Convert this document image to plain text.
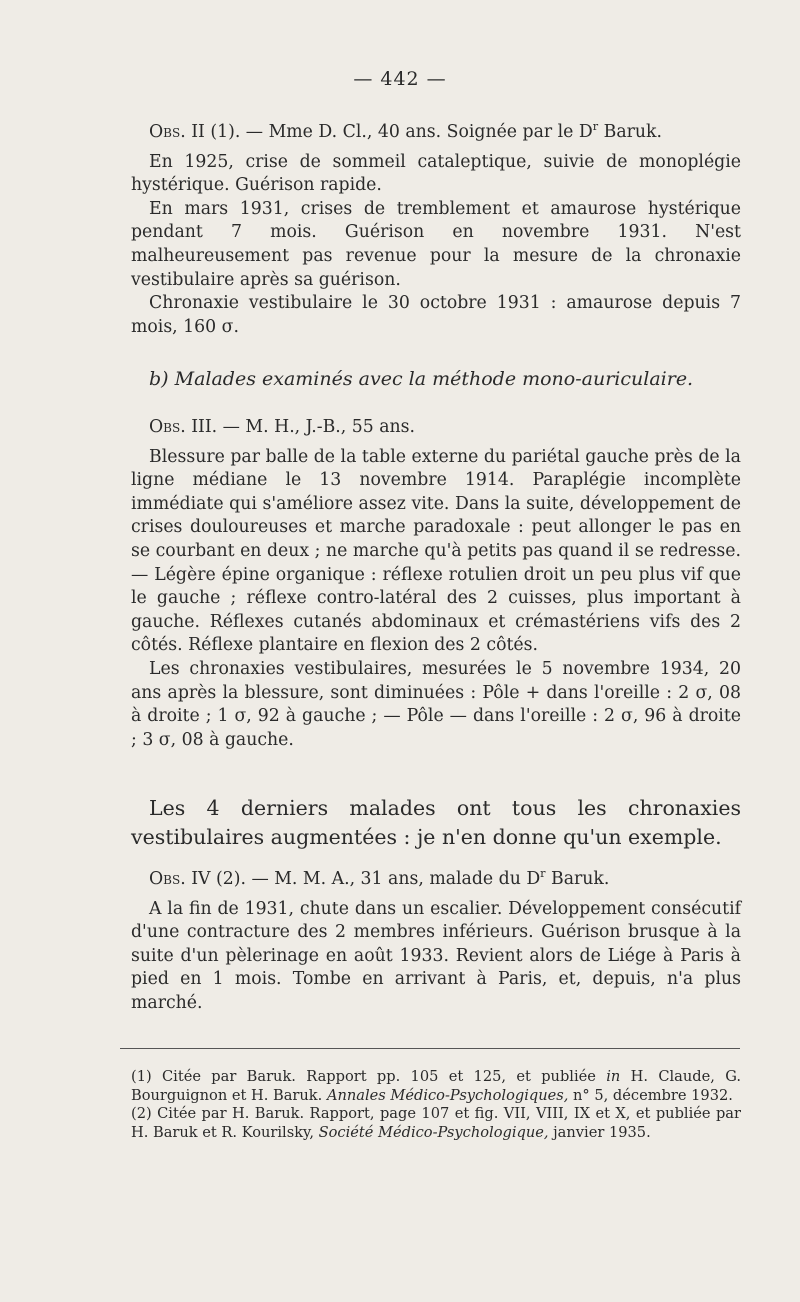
— 442 —

Obs. II (1). — Mme D. Cl., 40 ans. Soignée par le $D^r$ Baruk.

En 1925, crise de sommeil cataleptique, suivie de monoplégie hystérique. Guérison rapide.

En mars 1931, crises de tremblement et amaurose hystérique pendant 7 mois. Guérison en novembre 1931. N'est malheureusement pas revenue pour la mesure de la chronaxie vestibulaire après sa guérison.

Chronaxie vestibulaire le 30 octobre 1931 : amaurose depuis 7 mois, 160 σ.

b) Malades examinés avec la méthode mono-auriculaire.

Obs. III. — M. H., J.-B., 55 ans.

Blessure par balle de la table externe du pariétal gauche près de la ligne médiane le 13 novembre 1914. Paraplégie incomplète immédiate qui s'améliore assez vite. Dans la suite, développement de crises douloureuses et marche paradoxale : peut allonger le pas en se courbant en deux ; ne marche qu'à petits pas quand il se redresse. — Légère épine organique : réflexe rotulien droit un peu plus vif que le gauche ; réflexe contro-latéral des 2 cuisses, plus important à gauche. Réflexes cutanés abdominaux et crémastériens vifs des 2 côtés. Réflexe plantaire en flexion des 2 côtés.

Les chronaxies vestibulaires, mesurées le 5 novembre 1934, 20 ans après la blessure, sont diminuées : Pôle + dans l'oreille : 2 σ, 08 à droite ; 1 σ, 92 à gauche ; — Pôle — dans l'oreille : 2 σ, 96 à droite ; 3 σ, 08 à gauche.

Les 4 derniers malades ont tous les chronaxies vestibulaires augmentées : je n'en donne qu'un exemple.

Obs. IV (2). — M. M. A., 31 ans, malade du $D^r$ Baruk.

A la fin de 1931, chute dans un escalier. Développement consécutif d'une contracture des 2 membres inférieurs. Guérison brusque à la suite d'un pèlerinage en août 1933. Revient alors de Liége à Paris à pied en 1 mois. Tombe en arrivant à Paris, et, depuis, n'a plus marché.

(1) Citée par Baruk. Rapport pp. 105 et 125, et publiée in H. Claude, G. Bourguignon et H. Baruk. Annales Médico-Psychologiques, n° 5, décembre 1932.

(2) Citée par H. Baruk. Rapport, page 107 et fig. VII, VIII, IX et X, et publiée par H. Baruk et R. Kourilsky, Société Médico-Psychologique, janvier 1935.
